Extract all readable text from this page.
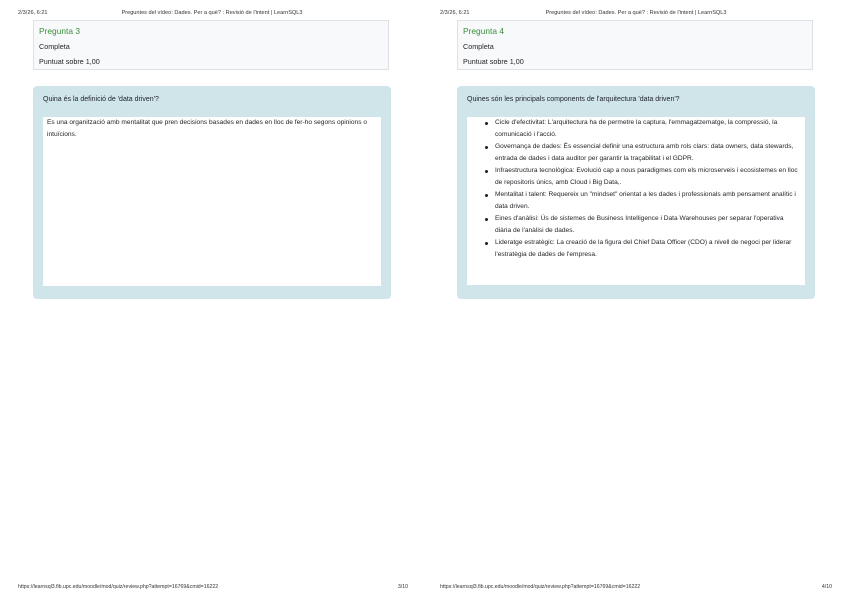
2/3/26, 6:21	Preguntes del vídeo: Dades. Per a què? : Revisió de l'intent | LearnSQL3
Pregunta 3
Completa
Puntuat sobre 1,00

Quina és la definició de 'data driven'?

Es una organització amb mentalitat que pren decisions basades en dades en lloc de fer-ho segons opinions o intuïcions.
https://learnsql3.fib.upc.edu/moodle/mod/quiz/review.php?attempt=16769&cmid=16222	3/10
2/3/26, 6:21	Preguntes del vídeo: Dades. Per a què? : Revisió de l'intent | LearnSQL3
Pregunta 4
Completa
Puntuat sobre 1,00

Quines són les principals components de l'arquitectura 'data driven'?

Cicle d'efectivitat: L'arquitectura ha de permetre la captura, l'emmagatzematge, la compressió, la comunicació i l'acció.
Governança de dades: És essencial definir una estructura amb rols clars: data owners, data stewards, entrada de dades i data auditor per garantir la traçabilitat i el GDPR.
Infraestructura tecnològica: Evolució cap a nous paradigmes com els microserveis i ecosistemes en lloc de repositoris únics, amb Cloud i Big Data,.
Mentalitat i talent: Requereix un "mindset" orientat a les dades i professionals amb pensament analític i data driven.
Eines d'anàlisi: Ús de sistemes de Business Intelligence i Data Warehouses per separar l'operativa diària de l'anàlisi de dades.
Lideratge estratègic: La creació de la figura del Chief Data Officer (CDO) a nivell de negoci per liderar l'estratègia de dades de l'empresa.
https://learnsql3.fib.upc.edu/moodle/mod/quiz/review.php?attempt=16769&cmid=16222	4/10
